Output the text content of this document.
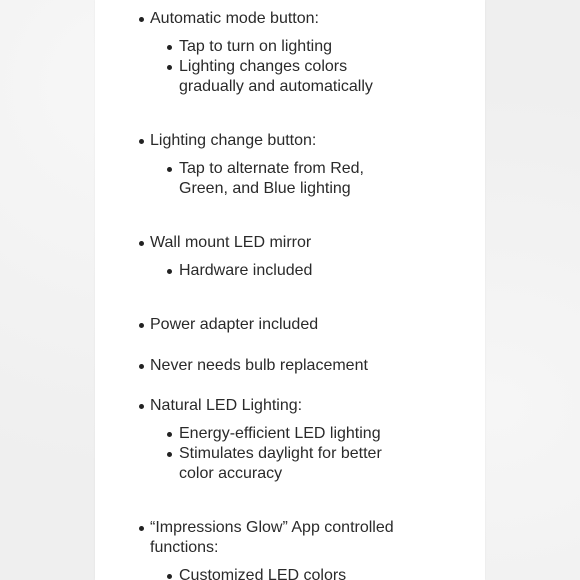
Automatic mode button:
Tap to turn on lighting
Lighting changes colors
gradually and automatically
Lighting change button:
Tap to alternate from Red,
Green, and Blue lighting
Wall mount LED mirror
Hardware included
Power adapter included
Never needs bulb replacement
Natural LED Lighting:
Energy-efficient LED lighting
Stimulates daylight for better
color accuracy
“Impressions Glow” App controlled
functions:
Customized LED colors
